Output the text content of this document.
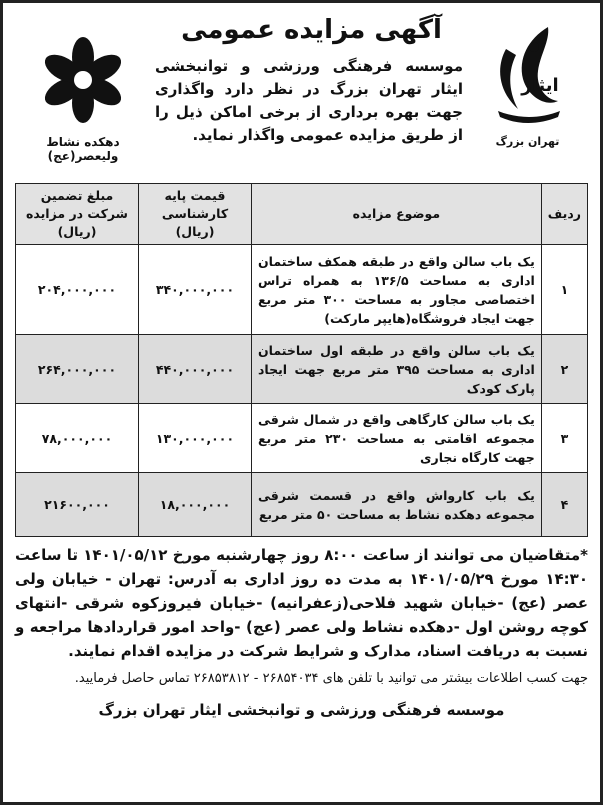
ایثار
تهران بزرگ
آگهی مزایده عمومی
موسسه فرهنگی ورزشی و توانبخشی ایثار تهران بزرگ در نظر دارد واگذاری جهت بهره برداری از برخی اماکن ذیل را از طریق مزایده عمومی واگذار نماید.
دهکده نشاط ولیعصر(عج)
ردیف	موضوع مزایده	قیمت پایه کارشناسی (ریال)	مبلغ تضمین شرکت در مزایده (ریال)
۱	یک باب سالن واقع در طبقه همکف ساختمان اداری به مساحت ۱۳۶/۵ به همراه تراس اختصاصی مجاور به مساحت ۳۰۰ متر مربع جهت ایجاد فروشگاه(هایپر مارکت)	۳۴۰,۰۰۰,۰۰۰	۲۰۴,۰۰۰,۰۰۰
۲	یک باب سالن واقع در طبقه اول ساختمان اداری به مساحت ۳۹۵ متر مربع جهت ایجاد پارک کودک	۴۴۰,۰۰۰,۰۰۰	۲۶۴,۰۰۰,۰۰۰
۳	یک باب سالن کارگاهی واقع در شمال شرقی مجموعه اقامتی به مساحت ۲۳۰ متر مربع جهت کارگاه نجاری	۱۳۰,۰۰۰,۰۰۰	۷۸,۰۰۰,۰۰۰
۴	یک باب کارواش واقع در قسمت شرقی مجموعه دهکده نشاط به مساحت ۵۰ متر مربع	۱۸,۰۰۰,۰۰۰	۲۱۶۰۰,۰۰۰
*متقاضیان می توانند از ساعت ۸:۰۰ روز چهارشنبه مورخ ۱۴۰۱/۰۵/۱۲ تا ساعت ۱۴:۳۰ مورخ ۱۴۰۱/۰۵/۲۹ به مدت ده روز اداری به آدرس: تهران - خیابان ولی عصر (عج) -خیابان شهید فلاحی(زعفرانیه) -خیابان فیروزکوه شرقی -انتهای کوچه روشن اول -دهکده نشاط ولی عصر (عج) -واحد امور قراردادها مراجعه و نسبت به دریافت اسناد، مدارک و شرایط شرکت در مزایده اقدام نمایند.
جهت کسب اطلاعات بیشتر می توانید با تلفن های ۲۶۸۵۴۰۳۴ - ۲۶۸۵۳۸۱۲ تماس حاصل فرمایید.
موسسه فرهنگی ورزشی و توانبخشی ایثار تهران بزرگ
